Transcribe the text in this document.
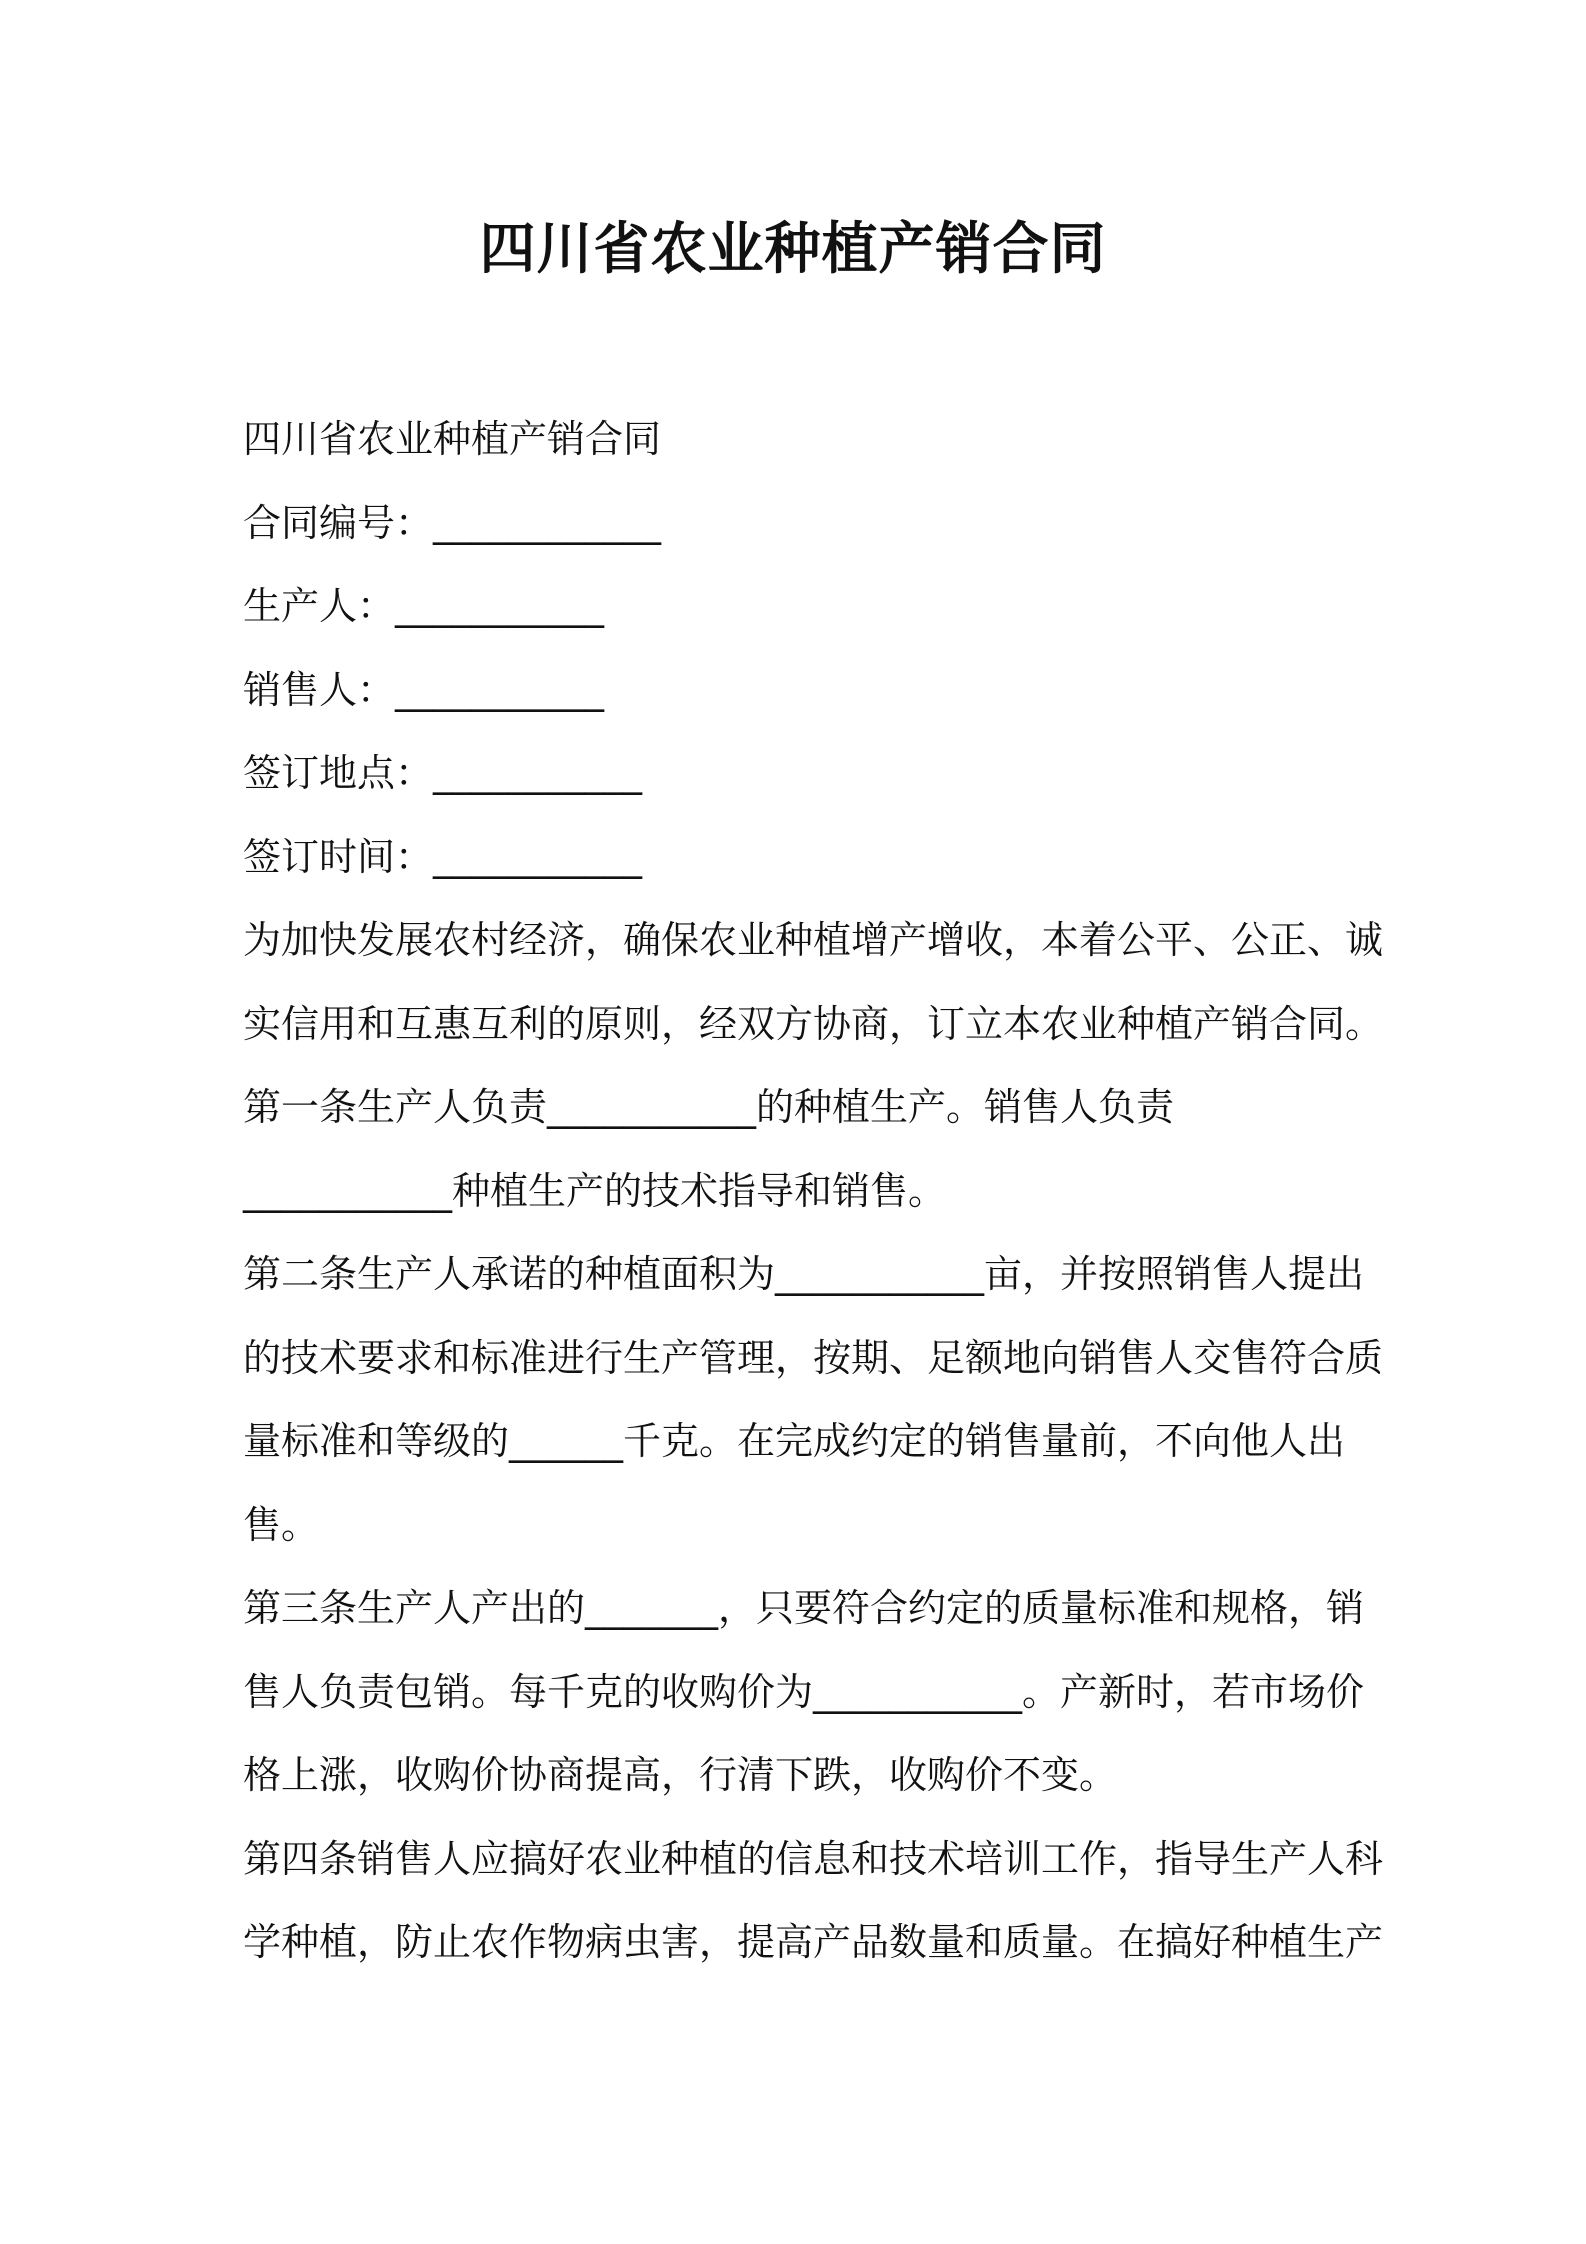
四川省农业种植产销合同
四川省农业种植产销合同
合同编号：____________
生产人：___________
销售人：___________
签订地点：___________
签订时间：___________
为加快发展农村经济，确保农业种植增产增收，本着公平、公正、诚
实信用和互惠互利的原则，经双方协商，订立本农业种植产销合同。
第一条生产人负责___________的种植生产。销售人负责
___________种植生产的技术指导和销售。
第二条生产人承诺的种植面积为___________亩，并按照销售人提出
的技术要求和标准进行生产管理，按期、足额地向销售人交售符合质
量标准和等级的______千克。在完成约定的销售量前，不向他人出
售。
第三条生产人产出的_______，只要符合约定的质量标准和规格，销
售人负责包销。每千克的收购价为___________。产新时，若市场价
格上涨，收购价协商提高，行清下跌，收购价不变。
第四条销售人应搞好农业种植的信息和技术培训工作，指导生产人科
学种植，防止农作物病虫害，提高产品数量和质量。在搞好种植生产
